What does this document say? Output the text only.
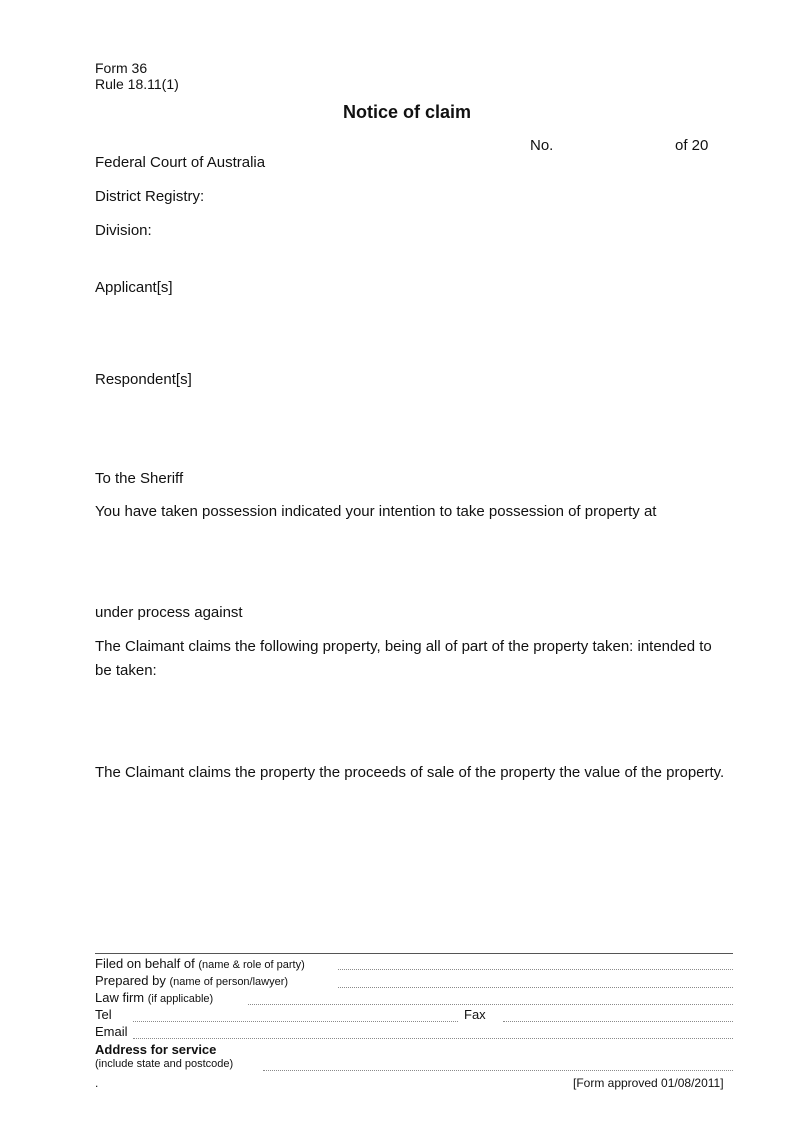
Form 36
Rule 18.11(1)
Notice of claim
No.	of 20
Federal Court of Australia
District Registry:
Division:
Applicant[s]
Respondent[s]
To the Sheriff
You have taken possession indicated your intention to take possession of property at
under process against
The Claimant claims the following property, being all of part of the property taken: intended to be taken:
The Claimant claims the property the proceeds of sale of the property the value of the property.
Filed on behalf of (name & role of party)
Prepared by (name of person/lawyer)
Law firm (if applicable)
Tel	Fax
Email
Address for service
(include state and postcode)
.	[Form approved 01/08/2011]
